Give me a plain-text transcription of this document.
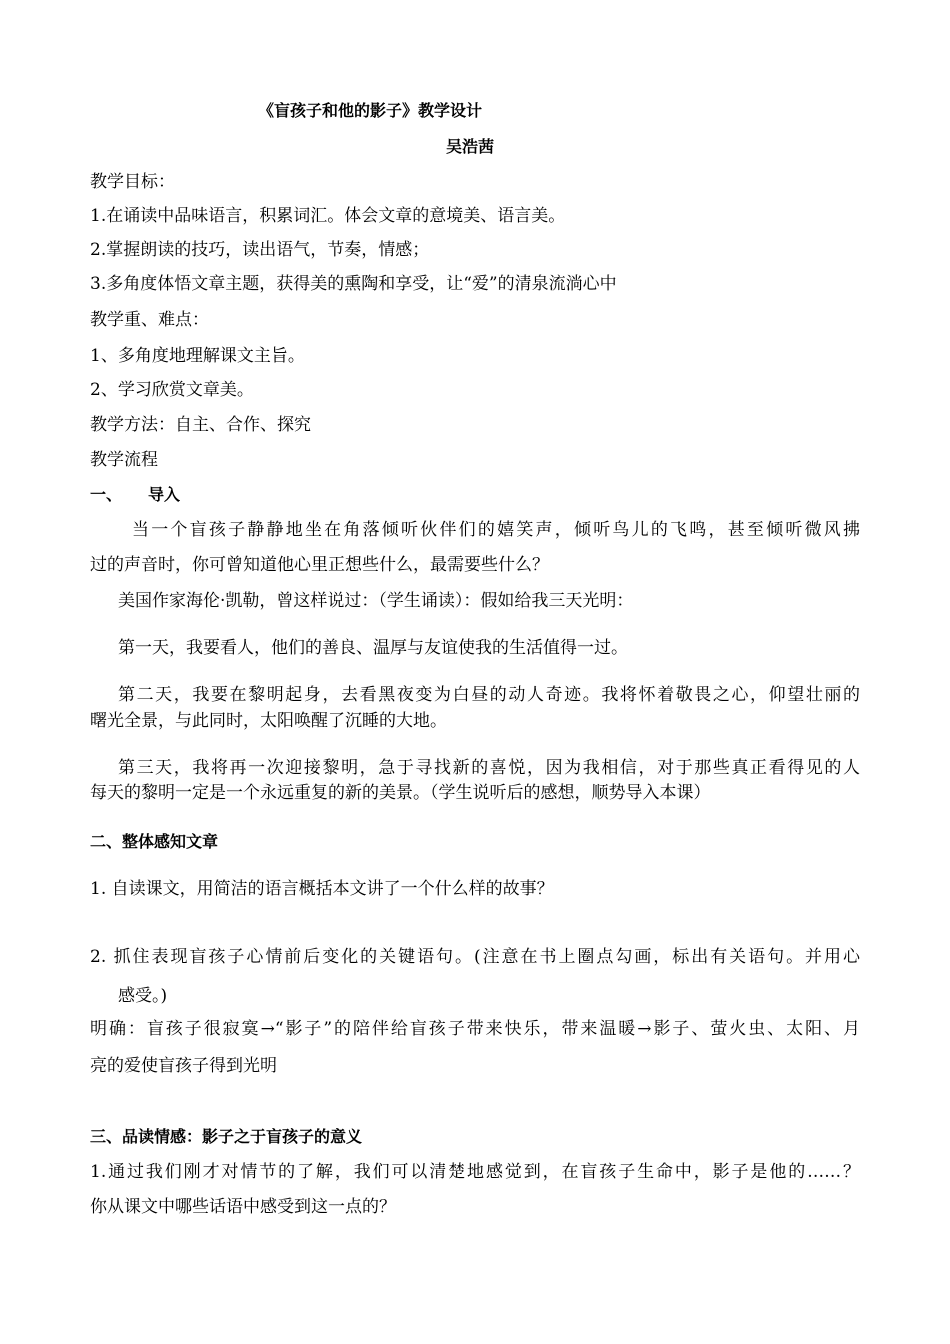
《盲孩子和他的影子》教学设计
吴浩茜
教学目标：
1.在诵读中品味语言，积累词汇。体会文章的意境美、语言美。
2.掌握朗读的技巧，读出语气，节奏，情感；
3.多角度体悟文章主题，获得美的熏陶和享受，让“爱”的清泉流淌心中
教学重、难点：
1、多角度地理解课文主旨。
2、学习欣赏文章美。
教学方法：自主、合作、探究
教学流程
一、 导入
当一个盲孩子静静地坐在角落倾听伙伴们的嬉笑声，倾听鸟儿的飞鸣，甚至倾听微风拂
过的声音时，你可曾知道他心里正想些什么，最需要些什么？
美国作家海伦·凯勒，曾这样说过：（学生诵读）：假如给我三天光明：
第一天，我要看人，他们的善良、温厚与友谊使我的生活值得一过。
第二天，我要在黎明起身，去看黑夜变为白昼的动人奇迹。我将怀着敬畏之心，仰望壮丽的
曙光全景，与此同时，太阳唤醒了沉睡的大地。
第三天，我将再一次迎接黎明，急于寻找新的喜悦，因为我相信，对于那些真正看得见的人
每天的黎明一定是一个永远重复的新的美景。（学生说听后的感想，顺势导入本课）
二、整体感知文章
1. 自读课文，用简洁的语言概括本文讲了一个什么样的故事？
2. 抓住表现盲孩子心情前后变化的关键语句。(注意在书上圈点勾画，标出有关语句。并用心
感受。)
明确：盲孩子很寂寞→“影子”的陪伴给盲孩子带来快乐，带来温暖→影子、萤火虫、太阳、月
亮的爱使盲孩子得到光明
三、品读情感：影子之于盲孩子的意义
1.通过我们刚才对情节的了解，我们可以清楚地感觉到，在盲孩子生命中，影子是他的……？
你从课文中哪些话语中感受到这一点的？
